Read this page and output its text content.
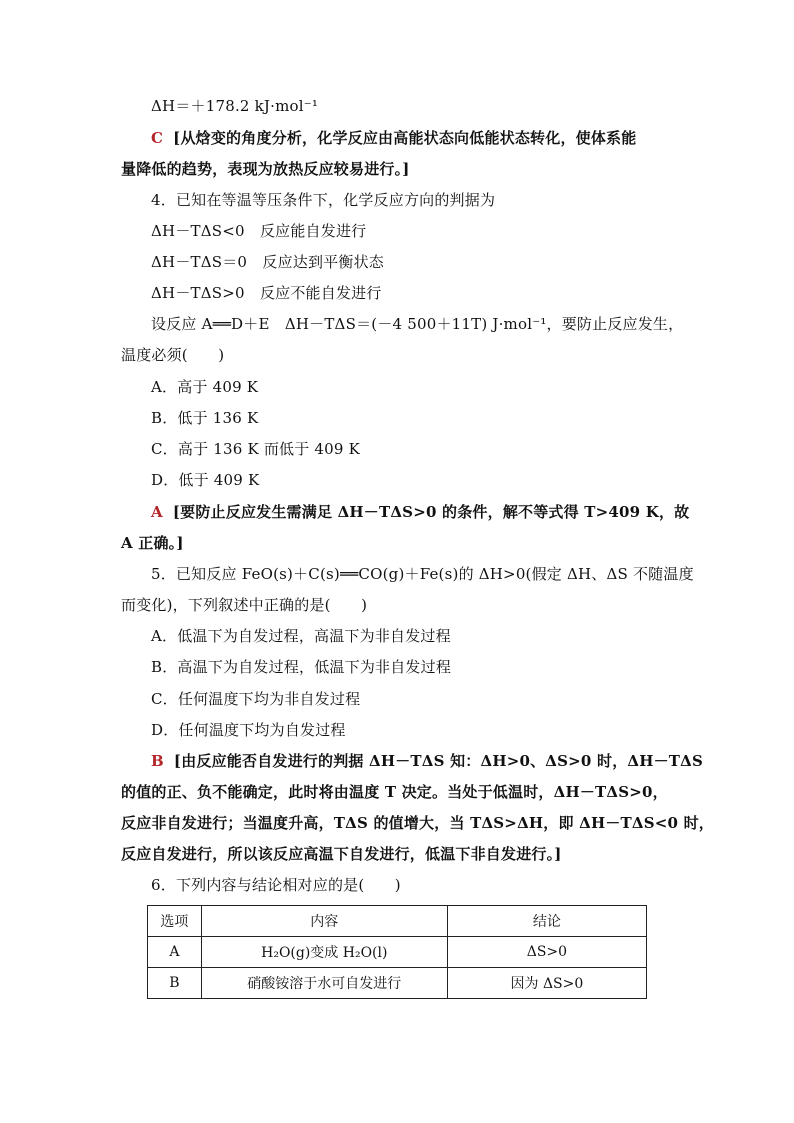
ΔH＝＋178.2 kJ·mol⁻¹
C [从焓变的角度分析，化学反应由高能状态向低能状态转化，使体系能
量降低的趋势，表现为放热反应较易进行。]
4．已知在等温等压条件下，化学反应方向的判据为
ΔH－TΔS<0　反应能自发进行
ΔH－TΔS＝0　反应达到平衡状态
ΔH－TΔS>0　反应不能自发进行
设反应 A══D＋E　ΔH－TΔS＝(－4 500＋11T) J·mol⁻¹，要防止反应发生，
温度必须(　　)
A．高于 409 K
B．低于 136 K
C．高于 136 K 而低于 409 K
D．低于 409 K
A [要防止反应发生需满足 ΔH－TΔS>0 的条件，解不等式得 T>409 K，故
A 正确。]
5．已知反应 FeO(s)＋C(s)══CO(g)＋Fe(s)的 ΔH>0(假定 ΔH、ΔS 不随温度
而变化)，下列叙述中正确的是(　　)
A．低温下为自发过程，高温下为非自发过程
B．高温下为自发过程，低温下为非自发过程
C．任何温度下均为非自发过程
D．任何温度下均为自发过程
B [由反应能否自发进行的判据 ΔH－TΔS 知：ΔH>0、ΔS>0 时，ΔH－TΔS
的值的正、负不能确定，此时将由温度 T 决定。当处于低温时，ΔH－TΔS>0，
反应非自发进行；当温度升高，TΔS 的值增大，当 TΔS>ΔH，即 ΔH－TΔS<0 时，
反应自发进行，所以该反应高温下自发进行，低温下非自发进行。]
6．下列内容与结论相对应的是(　　)
选项	内容	结论
A	H₂O(g)变成 H₂O(l)	ΔS>0
B	硝酸铵溶于水可自发进行	因为 ΔS>0
